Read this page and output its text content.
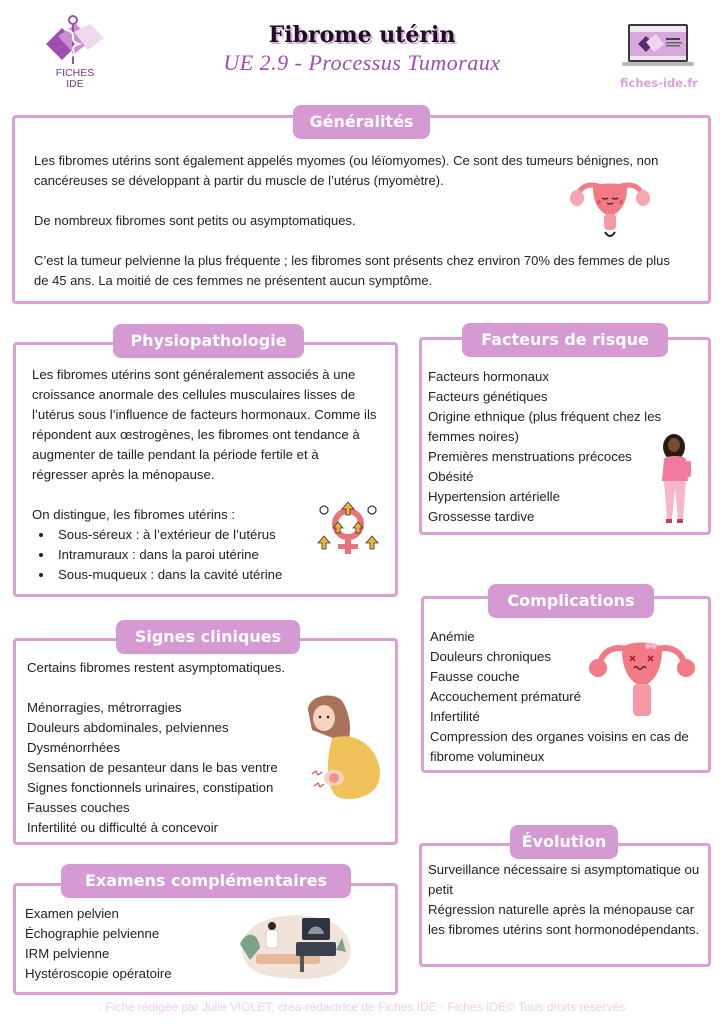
FICHES
IDE
Fibrome utérin
UE 2.9 - Processus Tumoraux
fiches-ide.fr
Généralités

Les fibromes utérins sont également appelés myomes (ou léïomyomes). Ce sont des tumeurs bénignes, non cancéreuses se développant à partir du muscle de l’utérus (myomètre).

De nombreux fibromes sont petits ou asymptomatiques.

C’est la tumeur pelvienne la plus fréquente ; les fibromes sont présents chez environ 70% des femmes de plus de 45 ans. La moitié de ces femmes ne présentent aucun symptôme.

Physiopathologie

Les fibromes utérins sont généralement associés à une croissance anormale des cellules musculaires lisses de l’utérus sous l’influence de facteurs hormonaux. Comme ils répondent aux œstrogènes, les fibromes ont tendance à augmenter de taille pendant la période fertile et à régresser après la ménopause.

On distingue, les fibromes utérins :

• Sous-séreux : à l’extérieur de l’utérus
• Intramuraux : dans la paroi utérine
• Sous-muqueux : dans la cavité utérine
Facteurs de risque

Facteurs hormonaux

Facteurs génétiques

Origine ethnique (plus fréquent chez les femmes noires)

Premières menstruations précoces

Obésité

Hypertension artérielle

Grossesse tardive

Signes cliniques

Certains fibromes restent asymptomatiques.

Ménorragies, métrorragies

Douleurs abdominales, pelviennes

Dysménorrhées

Sensation de pesanteur dans le bas ventre

Signes fonctionnels urinaires, constipation

Fausses couches

Infertilité ou difficulté à concevoir

Complications

Anémie

Douleurs chroniques

Fausse couche

Accouchement prématuré

Infertilité

Compression des organes voisins en cas de fibrome volumineux

Examens complémentaires

Examen pelvien

Échographie pelvienne

IRM pelvienne

Hystéroscopie opératoire

Évolution

Surveillance nécessaire si asymptomatique ou petit

Régression naturelle après la ménopause car les fibromes utérins sont hormonodépendants.

. Fiche rédigée par Julie VIOLET, créa-rédactrice de Fiches IDE - Fiches IDE© Tous droits réservés
